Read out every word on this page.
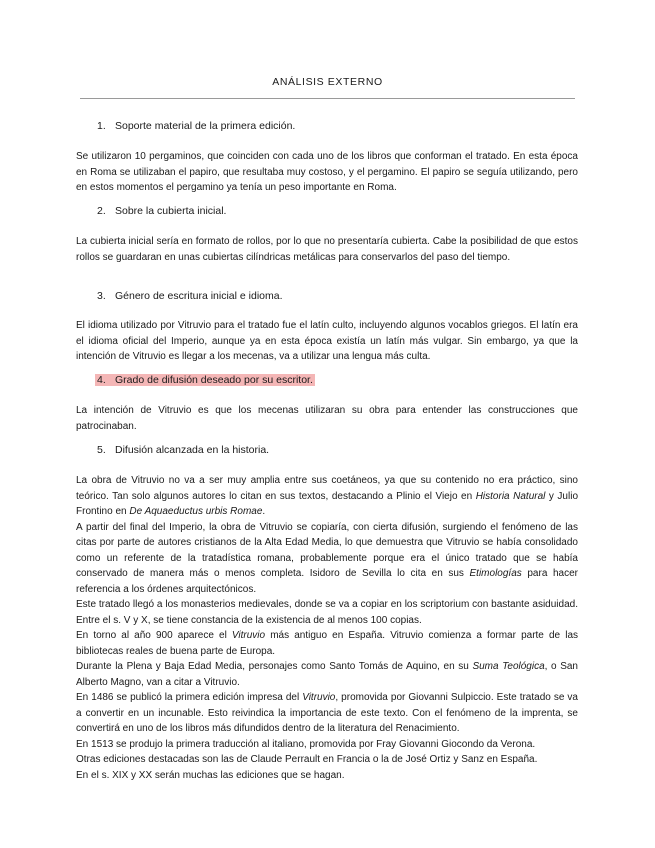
ANÁLISIS EXTERNO
1. Soporte material de la primera edición.

Se utilizaron 10 pergaminos, que coinciden con cada uno de los libros que conforman el tratado. En esta época en Roma se utilizaban el papiro, que resultaba muy costoso, y el pergamino. El papiro se seguía utilizando, pero en estos momentos el pergamino ya tenía un peso importante en Roma.

2. Sobre la cubierta inicial.

La cubierta inicial sería en formato de rollos, por lo que no presentaría cubierta. Cabe la posibilidad de que estos rollos se guardaran en unas cubiertas cilíndricas metálicas para conservarlos del paso del tiempo.

3. Género de escritura inicial e idioma.

El idioma utilizado por Vitruvio para el tratado fue el latín culto, incluyendo algunos vocablos griegos. El latín era el idioma oficial del Imperio, aunque ya en esta época existía un latín más vulgar. Sin embargo, ya que la intención de Vitruvio es llegar a los mecenas, va a utilizar una lengua más culta.

4. Grado de difusión deseado por su escritor.

La intención de Vitruvio es que los mecenas utilizaran su obra para entender las construcciones que patrocinaban.

5. Difusión alcanzada en la historia.

La obra de Vitruvio no va a ser muy amplia entre sus coetáneos, ya que su contenido no era práctico, sino teórico. Tan solo algunos autores lo citan en sus textos, destacando a Plinio el Viejo en Historia Natural y Julio Frontino en De Aquaeductus urbis Romae.

A partir del final del Imperio, la obra de Vitruvio se copiaría, con cierta difusión, surgiendo el fenómeno de las citas por parte de autores cristianos de la Alta Edad Media, lo que demuestra que Vitruvio se había consolidado como un referente de la tratadística romana, probablemente porque era el único tratado que se había conservado de manera más o menos completa. Isidoro de Sevilla lo cita en sus Etimologías para hacer referencia a los órdenes arquitectónicos.

Este tratado llegó a los monasterios medievales, donde se va a copiar en los scriptorium con bastante asiduidad. Entre el s. V y X, se tiene constancia de la existencia de al menos 100 copias.

En torno al año 900 aparece el Vitruvio más antiguo en España. Vitruvio comienza a formar parte de las bibliotecas reales de buena parte de Europa.

Durante la Plena y Baja Edad Media, personajes como Santo Tomás de Aquino, en su Suma Teológica, o San Alberto Magno, van a citar a Vitruvio.

En 1486 se publicó la primera edición impresa del Vitruvio, promovida por Giovanni Sulpiccio. Este tratado se va a convertir en un incunable. Esto reivindica la importancia de este texto. Con el fenómeno de la imprenta, se convertirá en uno de los libros más difundidos dentro de la literatura del Renacimiento.

En 1513 se produjo la primera traducción al italiano, promovida por Fray Giovanni Giocondo da Verona.

Otras ediciones destacadas son las de Claude Perrault en Francia o la de José Ortiz y Sanz en España.

En el s. XIX y XX serán muchas las ediciones que se hagan.
